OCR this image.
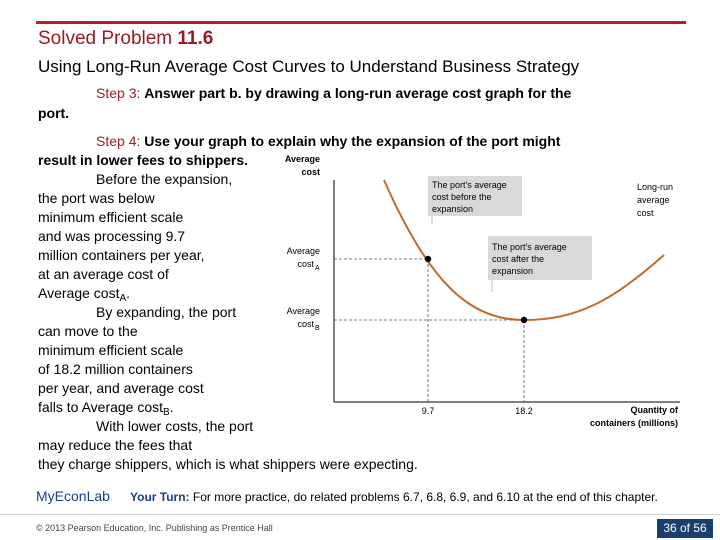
Solved Problem 11.6
Using Long-Run Average Cost Curves to Understand Business Strategy
Step 3: Answer part b. by drawing a long-run average cost graph for the
port.
Step 4: Use your graph to explain why the expansion of the port might
result in lower fees to shippers.
Before the expansion,
the port was below
minimum efficient scale
and was processing 9.7
million containers per year,
at an average cost of
Average cost$_A$.
By expanding, the port
can move to the
minimum efficient scale
of 18.2 million containers
per year, and average cost
falls to Average cost$_B$.
With lower costs, the port
may reduce the fees that
they charge shippers, which is what shippers were expecting.
Average
cost
Average
cost A
Average
cost B
The port's average
cost before the
expansion
The port's average
cost after the
expansion
Long-run
average
cost
9.7	18.2	Quantity of
containers (millions)
MyEconLab Your Turn: For more practice, do related problems 6.7, 6.8, 6.9, and 6.10 at the end of this chapter.
© 2013 Pearson Education, Inc. Publishing as Prentice Hall	36 of 56
